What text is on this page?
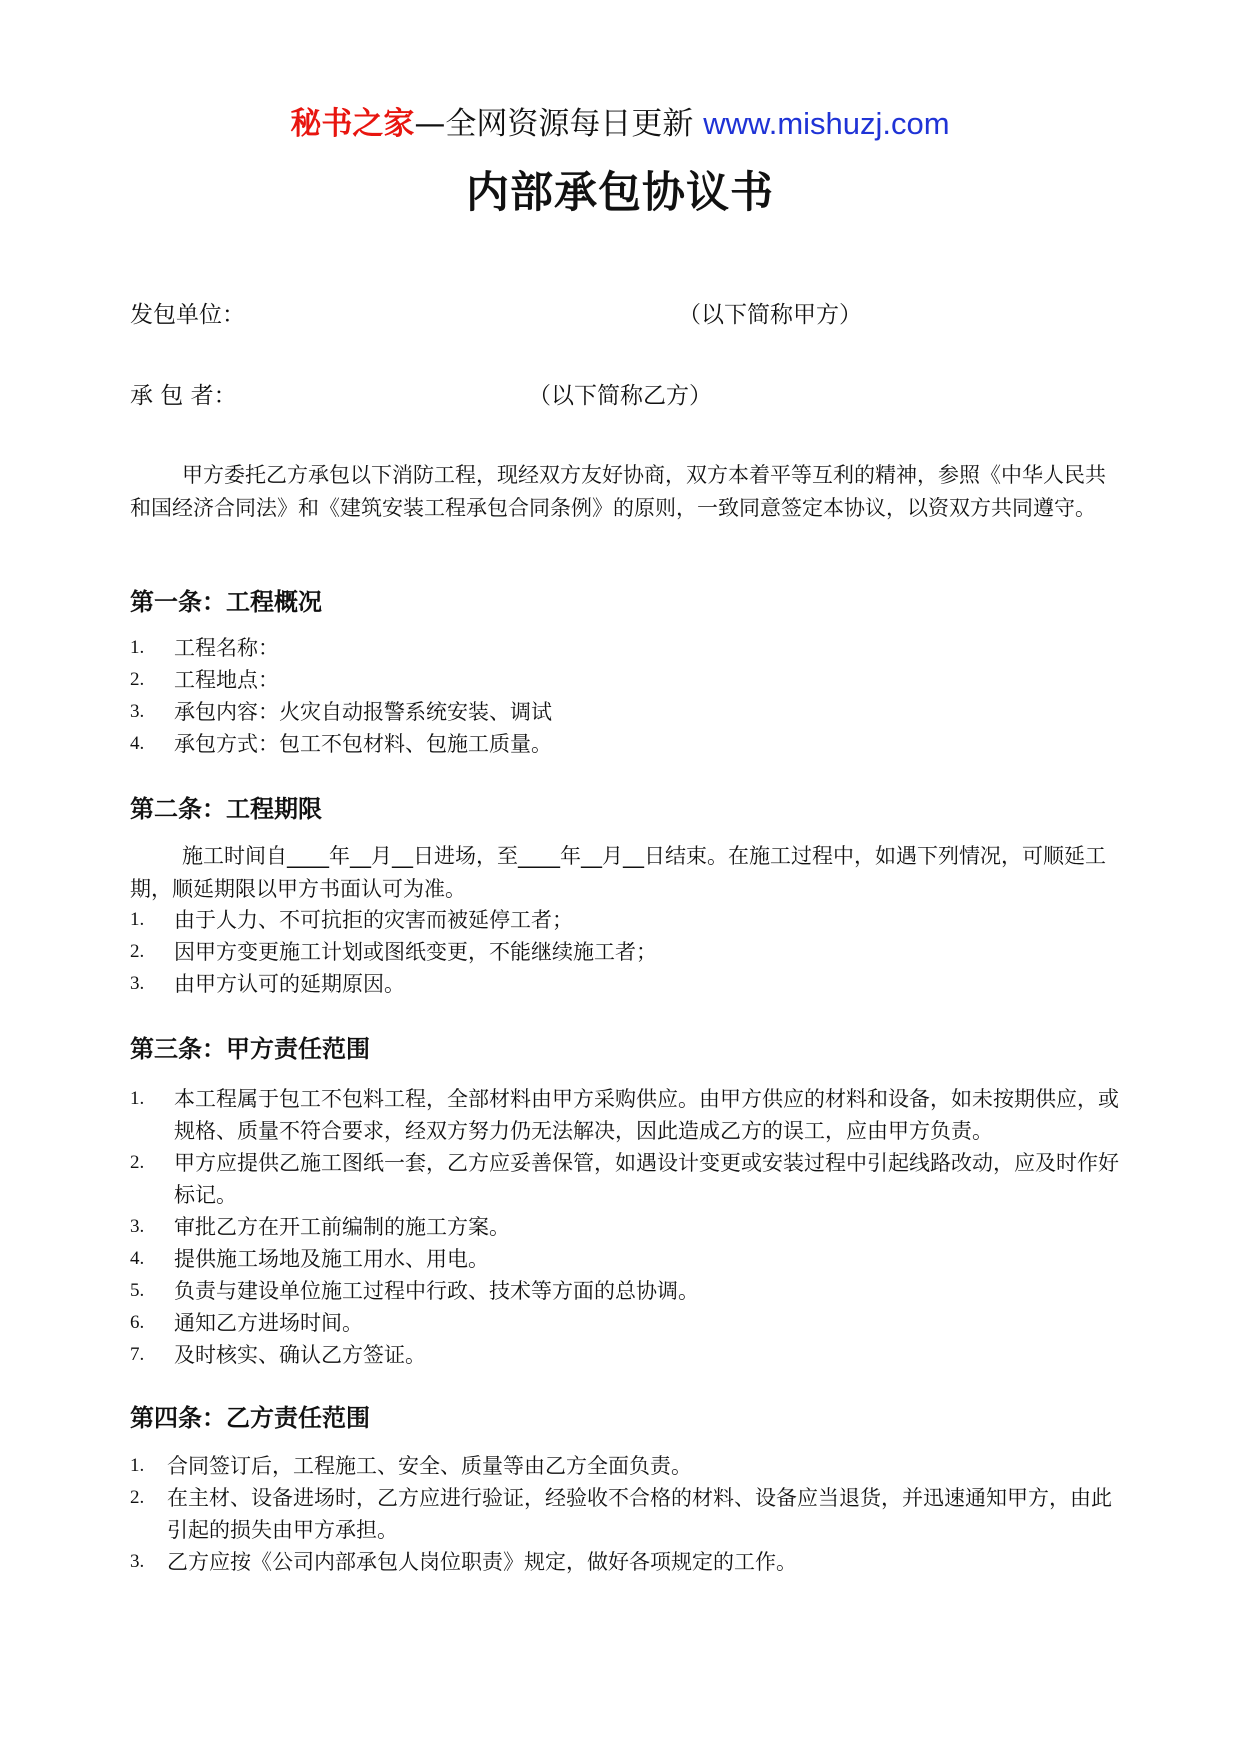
秘书之家—全网资源每日更新 www.mishuzj.com
内部承包协议书
发包单位：	（以下简称甲方）
承 包 者：	（以下简称乙方）

甲方委托乙方承包以下消防工程，现经双方友好协商，双方本着平等互利的精神，参照《中华人民共和国经济合同法》和《建筑安装工程承包合同条例》的原则，一致同意签定本协议，以资双方共同遵守。

第一条：工程概况
1. 工程名称：
2. 工程地点：
3. 承包内容：火灾自动报警系统安装、调试
4. 承包方式：包工不包材料、包施工质量。
第二条：工程期限

施工时间自____年__月__日进场，至____年__月__日结束。在施工过程中，如遇下列情况，可顺延工期，顺延期限以甲方书面认可为准。

1. 由于人力、不可抗拒的灾害而被延停工者；
2. 因甲方变更施工计划或图纸变更，不能继续施工者；
3. 由甲方认可的延期原因。
第三条：甲方责任范围
1. 本工程属于包工不包料工程，全部材料由甲方采购供应。由甲方供应的材料和设备，如未按期供应，或规格、质量不符合要求，经双方努力仍无法解决，因此造成乙方的误工，应由甲方负责。
2. 甲方应提供乙施工图纸一套，乙方应妥善保管，如遇设计变更或安装过程中引起线路改动，应及时作好标记。
3. 审批乙方在开工前编制的施工方案。
4. 提供施工场地及施工用水、用电。
5. 负责与建设单位施工过程中行政、技术等方面的总协调。
6. 通知乙方进场时间。
7. 及时核实、确认乙方签证。
第四条：乙方责任范围
1. 合同签订后，工程施工、安全、质量等由乙方全面负责。
2. 在主材、设备进场时，乙方应进行验证，经验收不合格的材料、设备应当退货，并迅速通知甲方，由此引起的损失由甲方承担。
3. 乙方应按《公司内部承包人岗位职责》规定，做好各项规定的工作。
